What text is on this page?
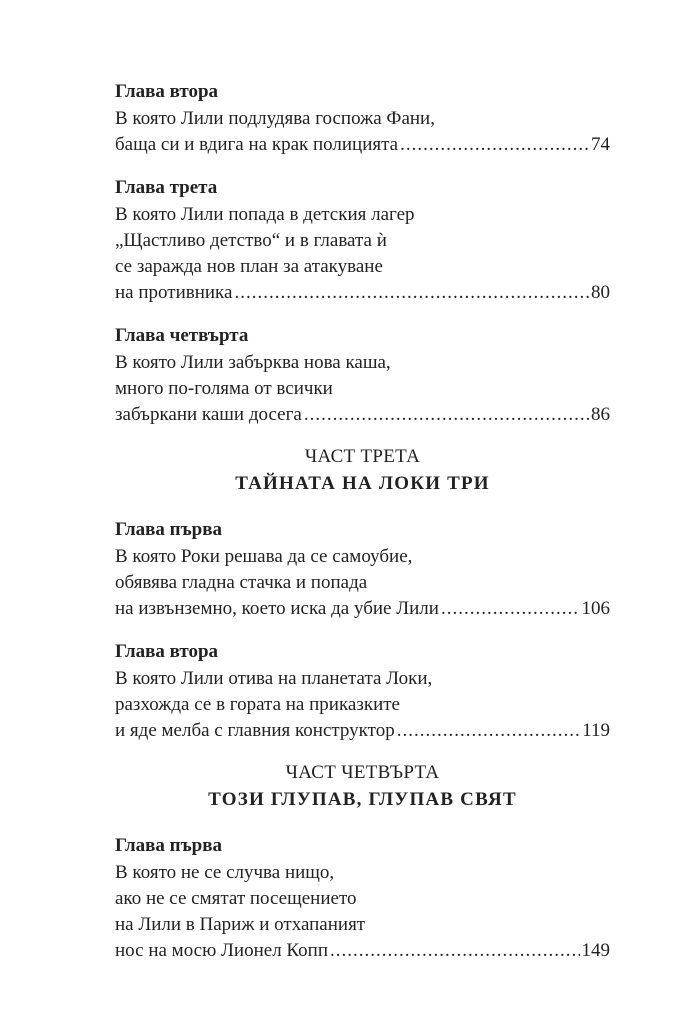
Глава втора
В която Лили подлудява госпожа Фани,
баща си и вдига на крак полицията .....	74
Глава трета
В която Лили попада в детския лагер
„Щастливо детство“ и в главата ѝ
се заражда нов план за атакуване
на противника .....	80
Глава четвърта
В която Лили забърква нова каша,
много по-голяма от всички
забъркани каши досега .....	86
ЧАСТ ТРЕТА
ТАЙНАТА НА ЛОКИ ТРИ
Глава първа
В която Роки решава да се самоубие,
обявява гладна стачка и попада
на извънземно, което иска да убие Лили .....	106
Глава втора
В която Лили отива на планетата Локи,
разхожда се в гората на приказките
и яде мелба с главния конструктор .....	119
ЧАСТ ЧЕТВЪРТА
ТОЗИ ГЛУПАВ, ГЛУПАВ СВЯТ
Глава първа
В която не се случва нищо,
ако не се смятат посещението
на Лили в Париж и отхапаният
нос на мосю Лионел Копп .....	149
